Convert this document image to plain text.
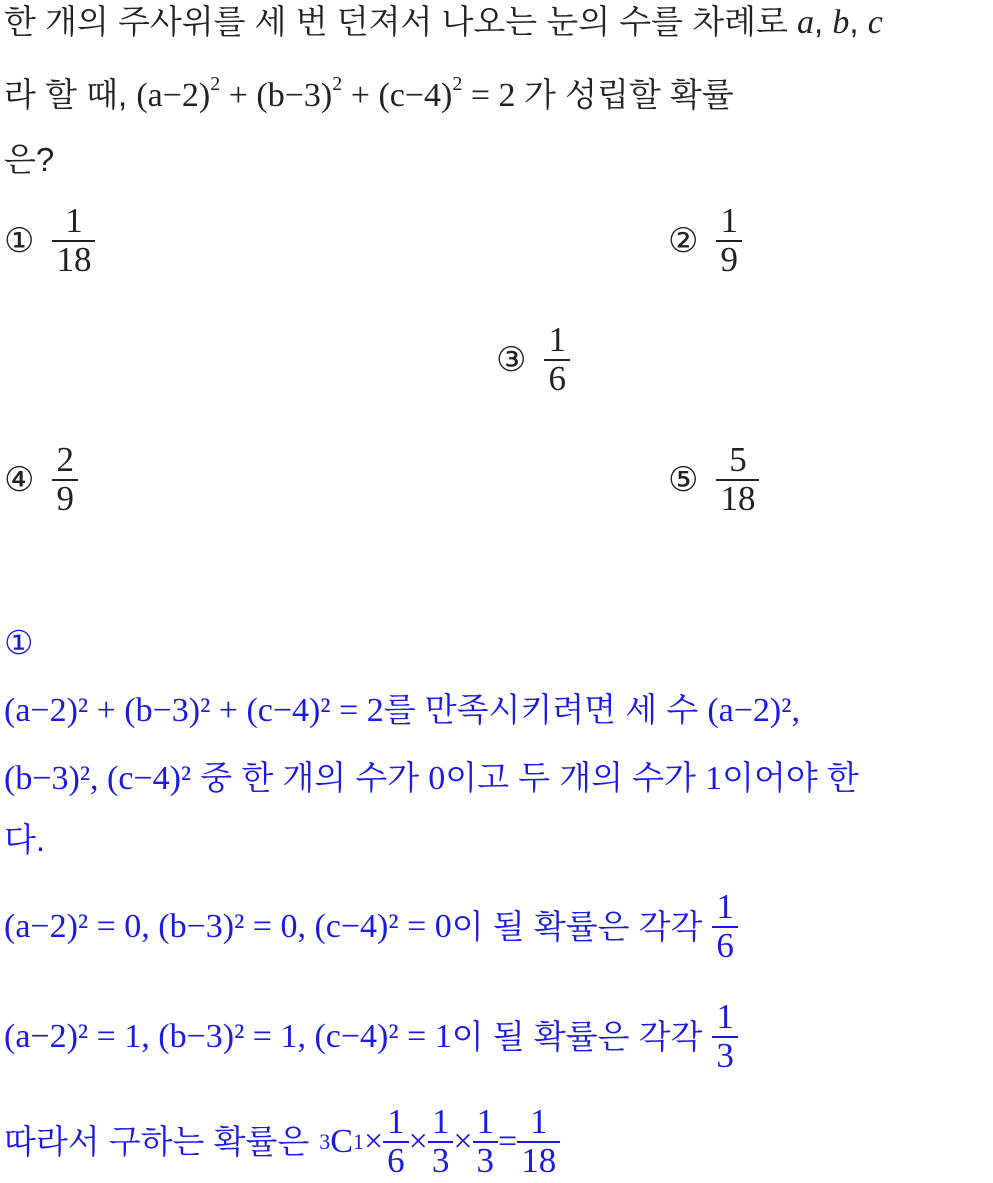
한 개의 주사위를 세 번 던져서 나오는 눈의 수를 차례로 a, b, c
라 할 때, $(a-2)^2 + (b-3)^2 + (c-4)^2 = 2$ 가 성립할 확률
은?
① $\frac{1}{18}$	② $\frac{1}{9}$
③ $\frac{1}{6}$
④ $\frac{2}{9}$	⑤ $\frac{5}{18}$
①
(a−2)² + (b−3)² + (c−4)² = 2를 만족시키려면 세 수 (a−2)²,
(b−3)², (c−4)² 중 한 개의 수가 0이고 두 개의 수가 1이어야 한
다.
(a−2)² = 0, (b−3)² = 0, (c−4)² = 0 이 될 확률은 각각 $\frac{1}{6}$
(a−2)² = 1, (b−3)² = 1, (c−4)² = 1 이 될 확률은 각각 $\frac{1}{3}$
따라서 구하는 확률은 3 C $1 \times \frac{1}{6} \times \frac{1}{3} \times \frac{1}{3} = \frac{1}{18}$
